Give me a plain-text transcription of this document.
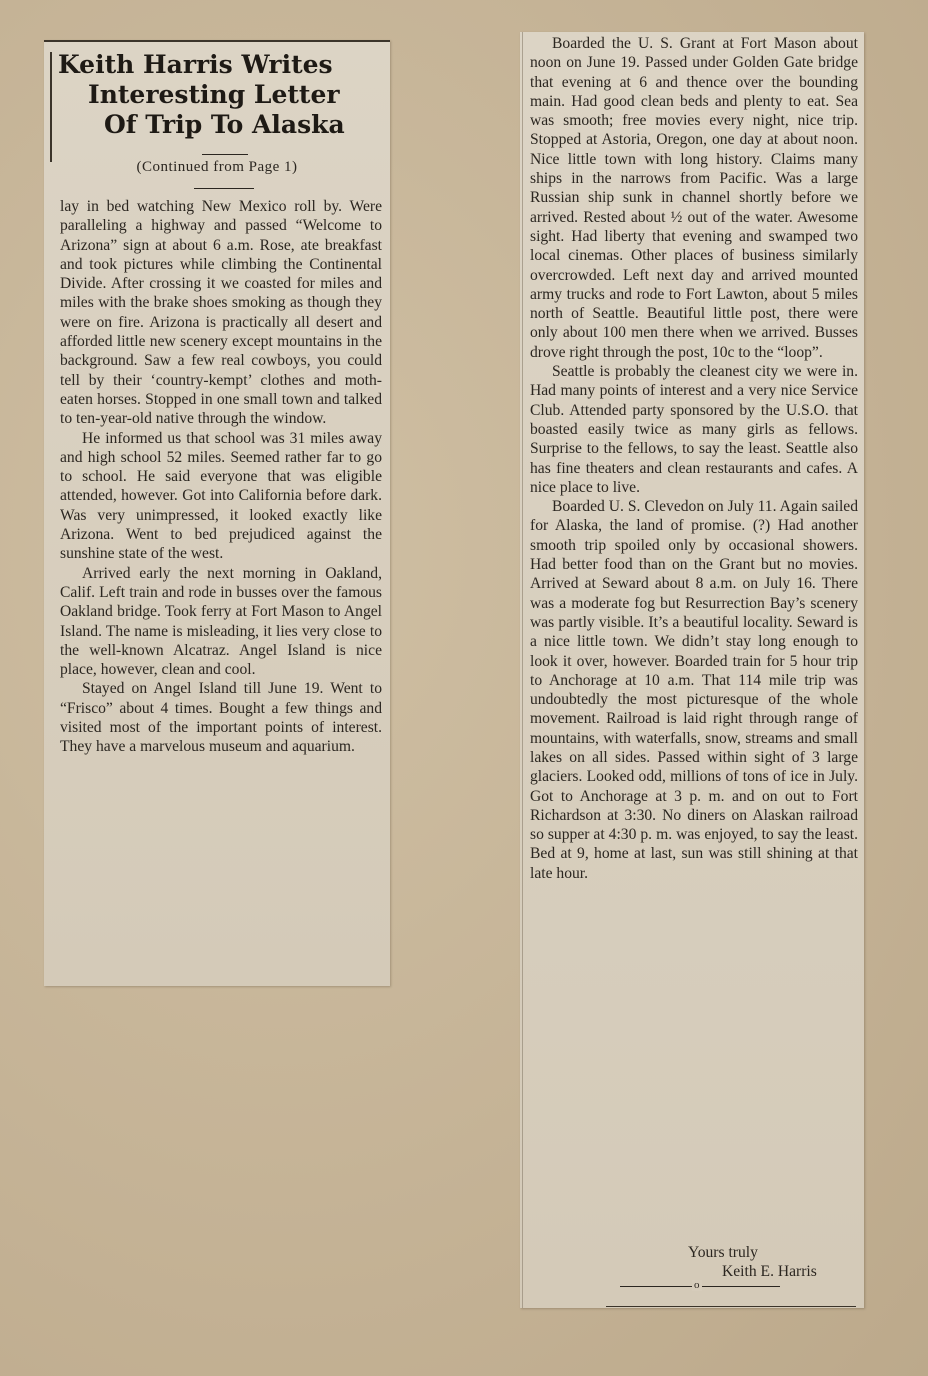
Keith Harris Writes
Interesting Letter
Of Trip To Alaska
(Continued from Page 1)

lay in bed watching New Mexico roll by. Were paralleling a highway and passed “Welcome to Arizona” sign at about 6 a.m. Rose, ate breakfast and took pictures while climbing the Continental Divide. After crossing it we coasted for miles and miles with the brake shoes smoking as though they were on fire. Arizona is practically all desert and afforded little new scenery except mountains in the background. Saw a few real cowboys, you could tell by their ‘country-kempt’ clothes and moth-eaten horses. Stopped in one small town and talked to ten-year-old native through the window.

He informed us that school was 31 miles away and high school 52 miles. Seemed rather far to go to school. He said everyone that was eligible attended, however. Got into California before dark. Was very unimpressed, it looked exactly like Arizona. Went to bed prejudiced against the sunshine state of the west.

Arrived early the next morning in Oakland, Calif. Left train and rode in busses over the famous Oakland bridge. Took ferry at Fort Mason to Angel Island. The name is misleading, it lies very close to the well-known Alcatraz. Angel Island is nice place, however, clean and cool.

Stayed on Angel Island till June 19. Went to “Frisco” about 4 times. Bought a few things and visited most of the important points of interest. They have a marvelous museum and aquarium.

Boarded the U. S. Grant at Fort Mason about noon on June 19. Passed under Golden Gate bridge that evening at 6 and thence over the bounding main. Had good clean beds and plenty to eat. Sea was smooth; free movies every night, nice trip. Stopped at Astoria, Oregon, one day at about noon. Nice little town with long history. Claims many ships in the narrows from Pacific. Was a large Russian ship sunk in channel shortly before we arrived. Rested about ½ out of the water. Awesome sight. Had liberty that evening and swamped two local cinemas. Other places of business similarly overcrowded. Left next day and arrived mounted army trucks and rode to Fort Lawton, about 5 miles north of Seattle. Beautiful little post, there were only about 100 men there when we arrived. Busses drove right through the post, 10c to the “loop”.

Seattle is probably the cleanest city we were in. Had many points of interest and a very nice Service Club. Attended party sponsored by the U.S.O. that boasted easily twice as many girls as fellows. Surprise to the fellows, to say the least. Seattle also has fine theaters and clean restaurants and cafes. A nice place to live.

Boarded U. S. Clevedon on July 11. Again sailed for Alaska, the land of promise. (?) Had another smooth trip spoiled only by occasional showers. Had better food than on the Grant but no movies. Arrived at Seward about 8 a.m. on July 16. There was a moderate fog but Resurrection Bay’s scenery was partly visible. It’s a beautiful locality. Seward is a nice little town. We didn’t stay long enough to look it over, however. Boarded train for 5 hour trip to Anchorage at 10 a.m. That 114 mile trip was undoubtedly the most picturesque of the whole movement. Railroad is laid right through range of mountains, with waterfalls, snow, streams and small lakes on all sides. Passed within sight of 3 large glaciers. Looked odd, millions of tons of ice in July. Got to Anchorage at 3 p. m. and on out to Fort Richardson at 3:30. No diners on Alaskan railroad so supper at 4:30 p. m. was enjoyed, to say the least. Bed at 9, home at last, sun was still shining at that late hour.

Yours truly
Keith E. Harris
o
